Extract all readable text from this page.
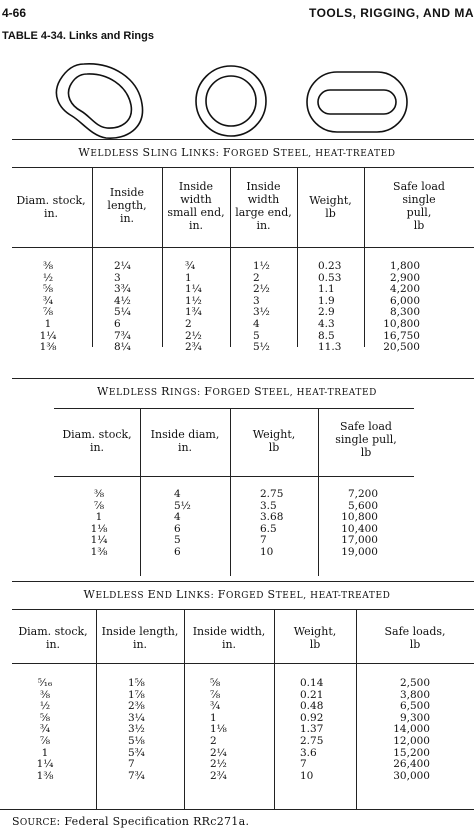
4-66	TOOLS, RIGGING, AND MA
TABLE 4-34. Links and Rings
WELDLESS SLING LINKS: FORGED STEEL, HEAT-TREATED
Diam. stock,
in.
Inside
length,
in.
Inside
width
small end,
in.
Inside
width
large end,
in.
Weight,
lb
Safe load
single
pull,
lb
⅜
½
⅝
¾
⅞
1
1¼
1⅜
2¼
3
3¾
4½
5¼
6
7¾
8¼
¾
1
1¼
1½
1¾
2
2½
2¾
1½
2
2½
3
3½
4
5
5½
0.23
0.53
1.1
1.9
2.9
4.3
8.5
11.3
1,800
2,900
4,200
6,000
8,300
10,800
16,750
20,500
WELDLESS RINGS: FORGED STEEL, HEAT-TREATED
Diam. stock,
in.
Inside diam,
in.
Weight,
lb
Safe load
single pull,
lb
⅜
⅞
1
1⅛
1¼
1⅜
4
5½
4
6
5
6
2.75
3.5
3.68
6.5
7
10
7,200
5,600
10,800
10,400
17,000
19,000
WELDLESS END LINKS: FORGED STEEL, HEAT-TREATED
Diam. stock,
in.
Inside length,
in.
Inside width,
in.
Weight,
lb
Safe loads,
lb
⁵⁄₁₆
⅜
½
⅝
¾
⅞
1
1¼
1⅜
1⅝
1⅞
2⅜
3¼
3½
5⅛
5¾
7
7¾
⅝
⅞
¾
1
1⅛
2
2¼
2½
2¾
0.14
0.21
0.48
0.92
1.37
2.75
3.6
7
10
2,500
3,800
6,500
9,300
14,000
12,000
15,200
26,400
30,000
SOURCE: Federal Specification RRc271a.
